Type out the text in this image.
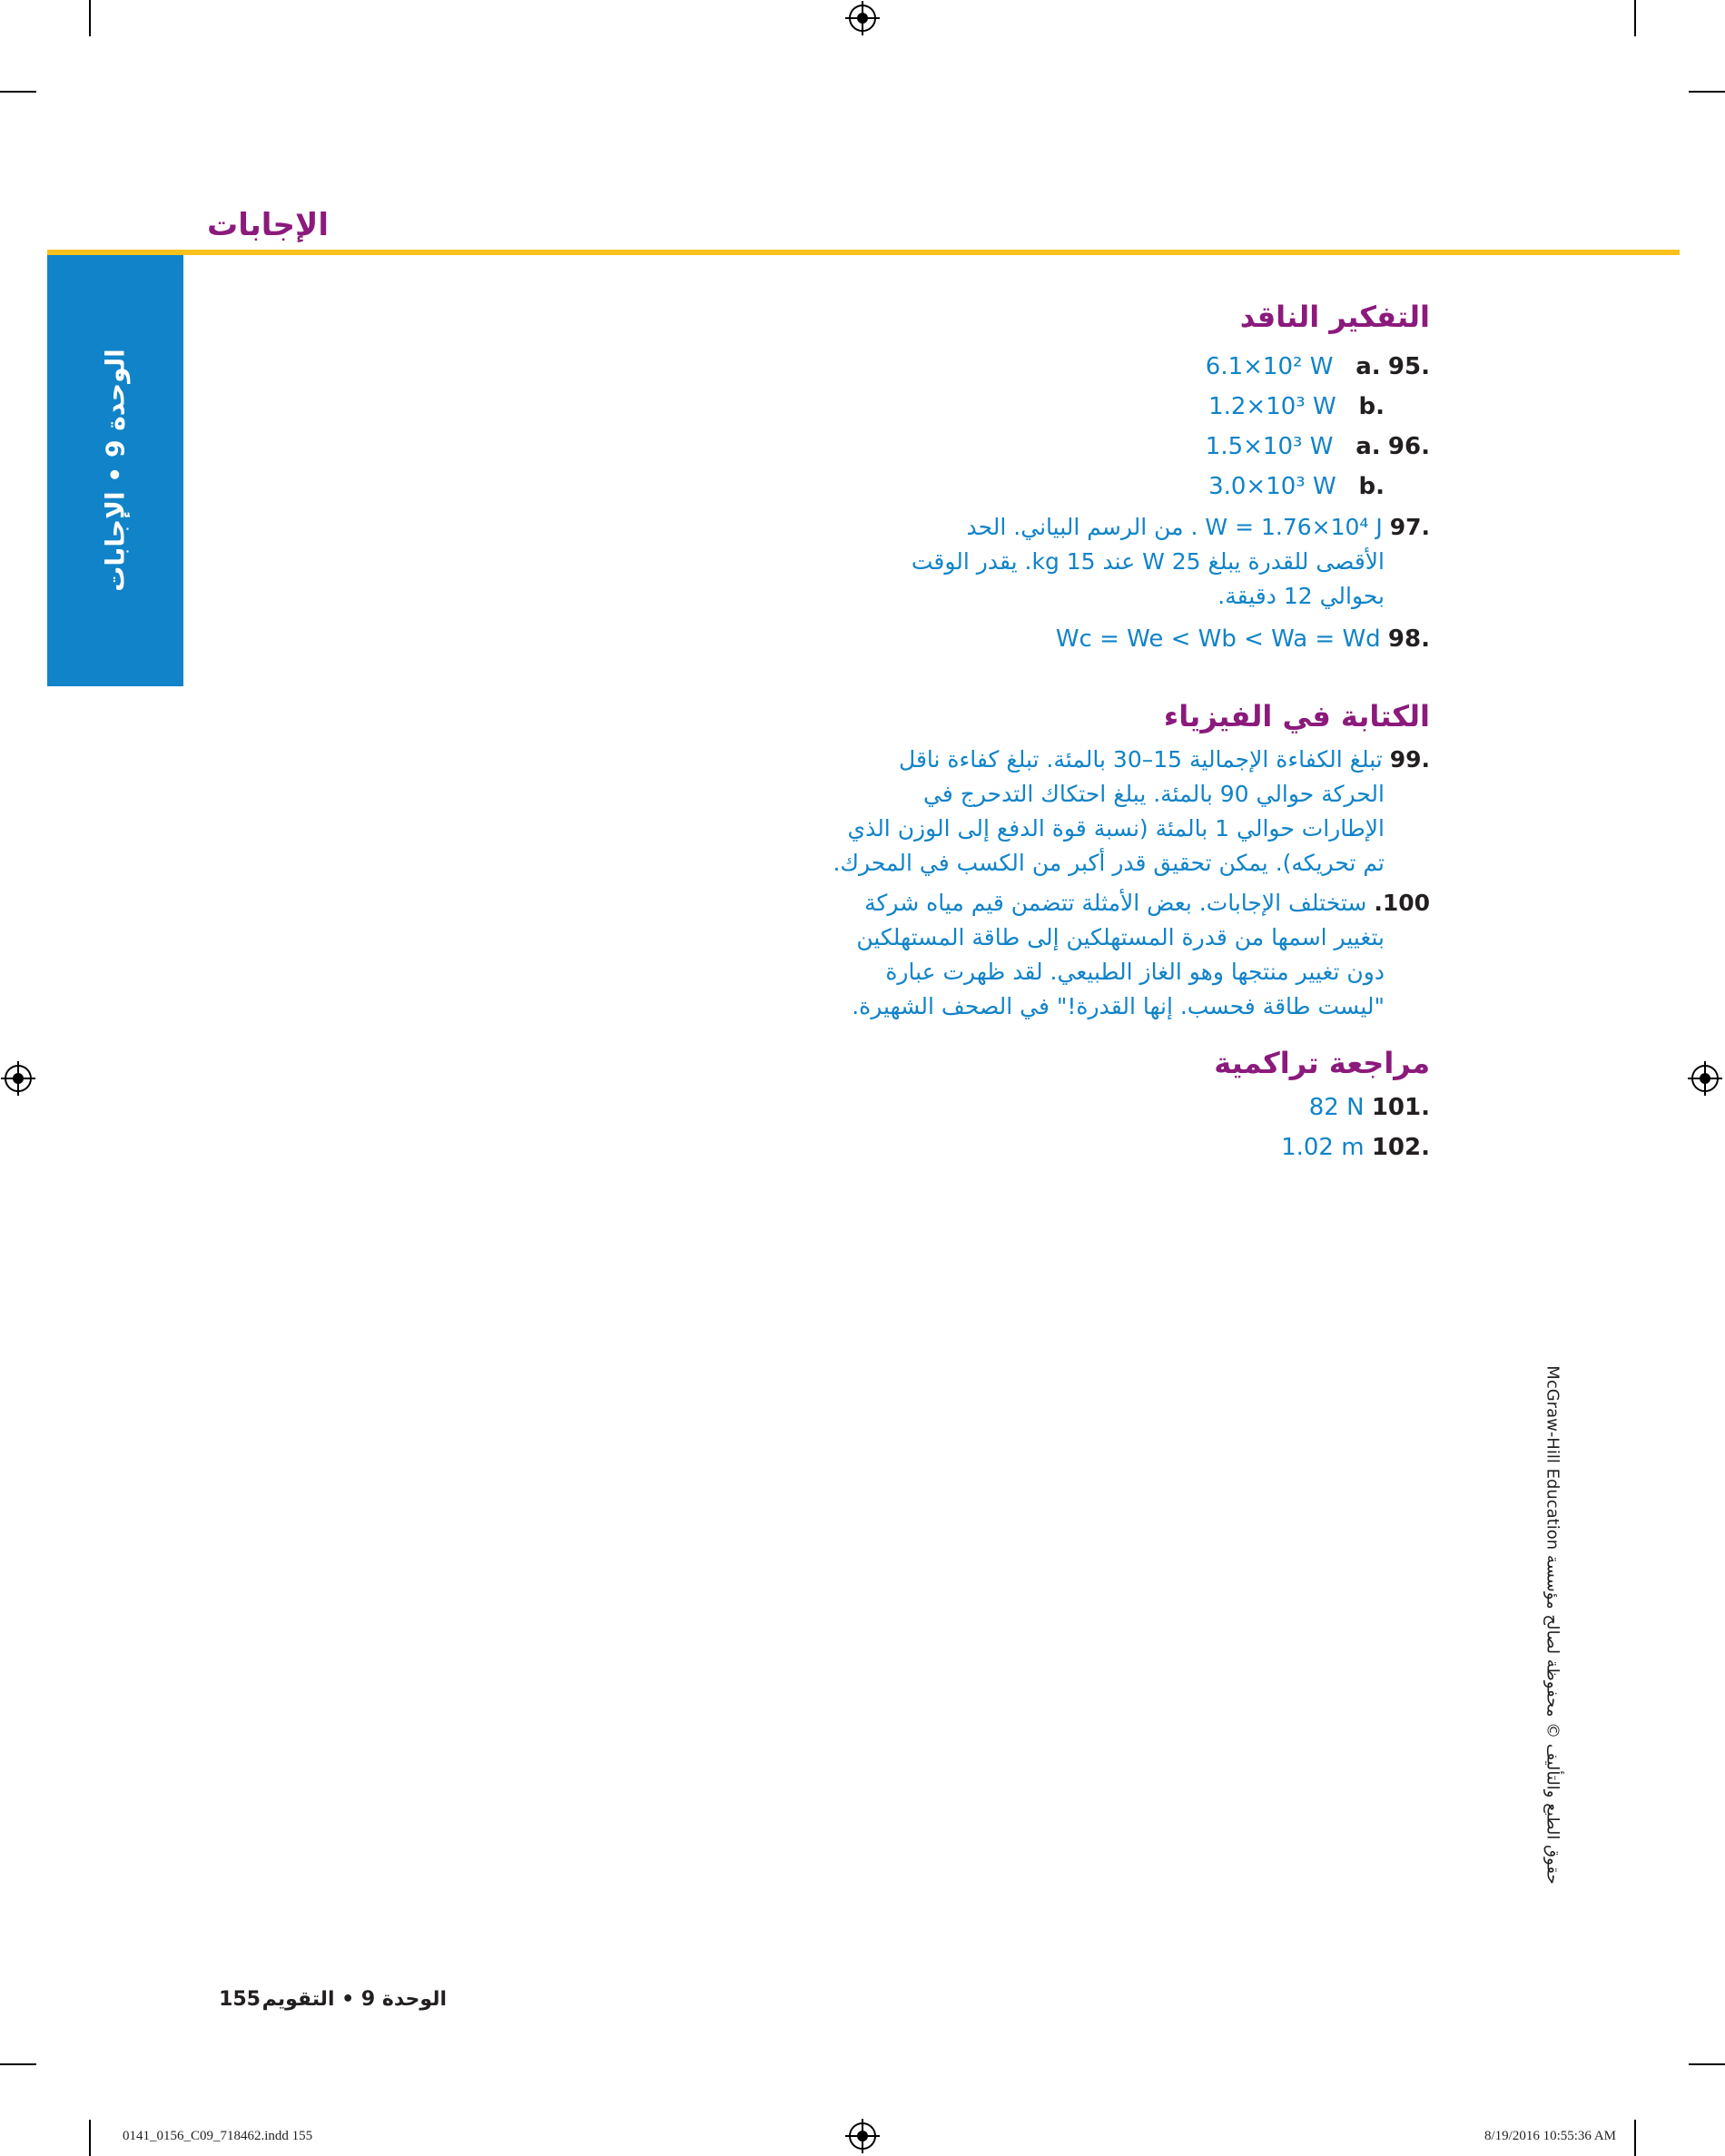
الإجابات
الوحدة 9 • الإجابات
التفكير الناقد
.95 .a   6.1×10² W
.b   1.2×10³ W
.96 .a   1.5×10³ W
.b   3.0×10³ W
.97 W = 1.76×10⁴ J . من الرسم البياني. الحد
الأقصى للقدرة يبلغ W 25 عند kg 15. يقدر الوقت
بحوالي 12 دقيقة.
.98 Wc = We < Wb < Wa = Wd
الكتابة في الفيزياء
.99 تبلغ الكفاءة الإجمالية 15–30 بالمئة. تبلغ كفاءة ناقل
الحركة حوالي 90 بالمئة. يبلغ احتكاك التدحرج في
الإطارات حوالي 1 بالمئة (نسبة قوة الدفع إلى الوزن الذي
تم تحريكه). يمكن تحقيق قدر أكبر من الكسب في المحرك.
100. ستختلف الإجابات. بعض الأمثلة تتضمن قيم مياه شركة
بتغيير اسمها من قدرة المستهلكين إلى طاقة المستهلكين
دون تغيير منتجها وهو الغاز الطبيعي. لقد ظهرت عبارة
"ليست طاقة فحسب. إنها القدرة!" في الصحف الشهيرة.
مراجعة تراكمية
.101 82 N
.102 1.02 m
حقوق الطبع والتأليف © محفوظة لصالح مؤسسة McGraw-Hill Education
155 الوحدة 9 • التقويم
0141_0156_C09_718462.indd 155	8/19/2016 10:55:36 AM
